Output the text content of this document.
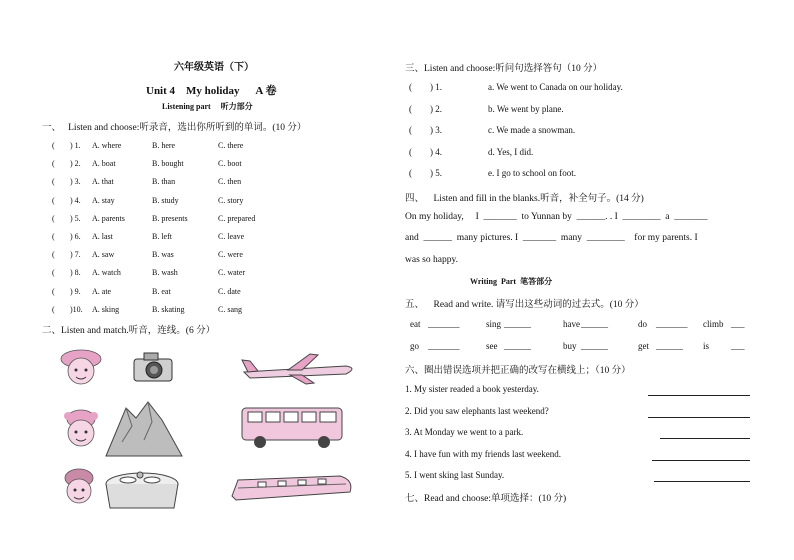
六年级英语（下）
Unit 4    My holiday      A 卷
Listening part     听力部分
一、   Listen and choose:听录音，选出你所听到的单词。(10 分）
( ) 1. A. where	B. here	C. there
( ) 2. A. boat	B. bought	C. boot
( ) 3. A. that	B. than	C. then
( ) 4. A. stay	B. study	C. story
( ) 5. A. parents	B. presents	C. prepared
( ) 6. A. last	B. left	C. leave
( ) 7. A. saw	B. was	C. were
( ) 8. A. watch	B. wash	C. water
( ) 9. A. ate	B. eat	C. date
( )10. A. sking	B. skating	C. sang
二、Listen and match.听音，连线。(6 分）
三、Listen and choose:听问句选择答句（10 分）
(        ) 1.	a. We went to Canada on our holiday.
(        ) 2.	b. We went by plane.
(        ) 3.	c. We made a snowman.
(        ) 4.	d. Yes, I did.
(        ) 5.	e. I go to school on foot.
四、    Listen and fill in the blanks.听音，补全句子。(14 分)
On my holiday,     I  _______  to Yunnan by  ______. . I  ________  a  _______
and  ______  many pictures. I  _______  many  ________    for my parents. I
was so happy.
Writing  Part  笔答部分
五、    Read and write. 请写出这些动词的过去式。(10 分）
eat _______	sing ______	have ______	do _______ climb ___
go _______	see ______	buy ______	get ______ is ___
六、圈出错误选项并把正确的改写在横线上；（10 分）
1. My sister readed a book yesterday.
2. Did you saw elephants last weekend?
3. At Monday we went to a park.
4. I have fun with my friends last weekend.
5. I went sking last Sunday.
七、Read and choose:单项选择：(10 分)
